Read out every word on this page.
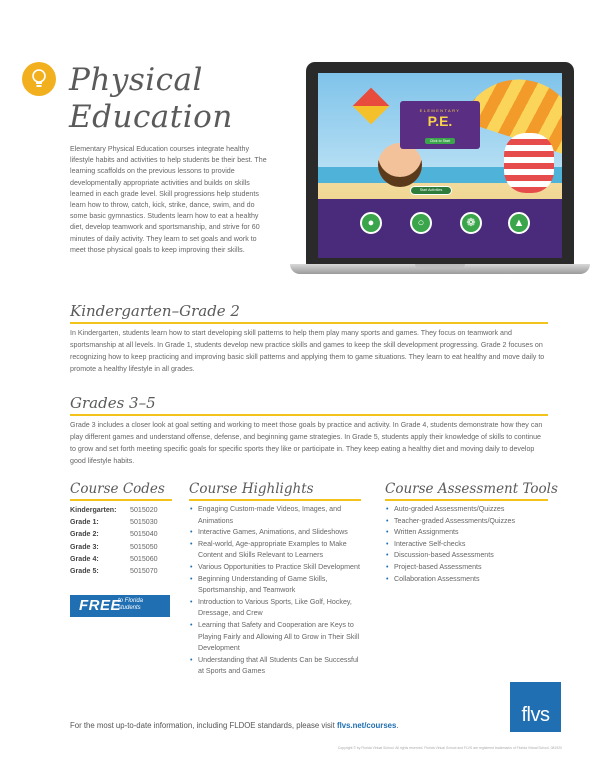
Physical
Education

Elementary Physical Education courses integrate healthy lifestyle habits and activities to help students be their best. The learning scaffolds on the previous lessons to provide developmentally appropriate activities and builds on skills learned in each grade level. Skill progressions help students learn how to throw, catch, kick, strike, dance, swim, and do some basic gymnastics. Students learn how to eat a healthy diet, develop teamwork and sportsmanship, and strive for 60 minutes of daily activity. They learn to set goals and work to meet those physical goals to keep improving their skills.

ELEMENTARY
P.E.
Click to Start
Start Activities
●	○	❁	▲
Kindergarten–Grade 2

In Kindergarten, students learn how to start developing skill patterns to help them play many sports and games. They focus on teamwork and sportsmanship at all levels. In Grade 1, students develop new practice skills and games to keep the skill development progressing. Grade 2 focuses on recognizing how to keep practicing and improving basic skill patterns and applying them to game situations. They learn to eat healthy and move daily to promote a healthy lifestyle in all grades.

Grades 3–5

Grade 3 includes a closer look at goal setting and working to meet those goals by practice and activity. In Grade 4, students demonstrate how they can play different games and understand offense, defense, and beginning game strategies. In Grade 5, students apply their knowledge of skills to continue to grow and set forth meeting specific goals for specific sports they like or participate in. They keep eating a healthy diet and moving daily to develop good lifestyle habits.

Course Codes
Kindergarten:	5015020
Grade 1:	5015030
Grade 2:	5015040
Grade 3:	5015050
Grade 4:	5015060
Grade 5:	5015070
FREE
to Florida
students
Course Highlights
• Engaging Custom-made Videos, Images, and Animations
• Interactive Games, Animations, and Slideshows
• Real-world, Age-appropriate Examples to Make Content and Skills Relevant to Learners
• Various Opportunities to Practice Skill Development
• Beginning Understanding of Game Skills, Sportsmanship, and Teamwork
• Introduction to Various Sports, Like Golf, Hockey, Dressage, and Crew
• Learning that Safety and Cooperation are Keys to Playing Fairly and Allowing All to Grow in Their Skill Development
• Understanding that All Students Can be Successful at Sports and Games
Course Assessment Tools
• Auto-graded Assessments/Quizzes
• Teacher-graded Assessments/Quizzes
• Written Assignments
• Interactive Self-checks
• Discussion-based Assessments
• Project-based Assessments
• Collaboration Assessments
For the most up-to-date information, including FLDOE standards, please visit flvs.net/courses.	flvs
Copyright © by Florida Virtual School. All rights reserved. Florida Virtual School and FLVS are registered trademarks of Florida Virtual School. 081920
